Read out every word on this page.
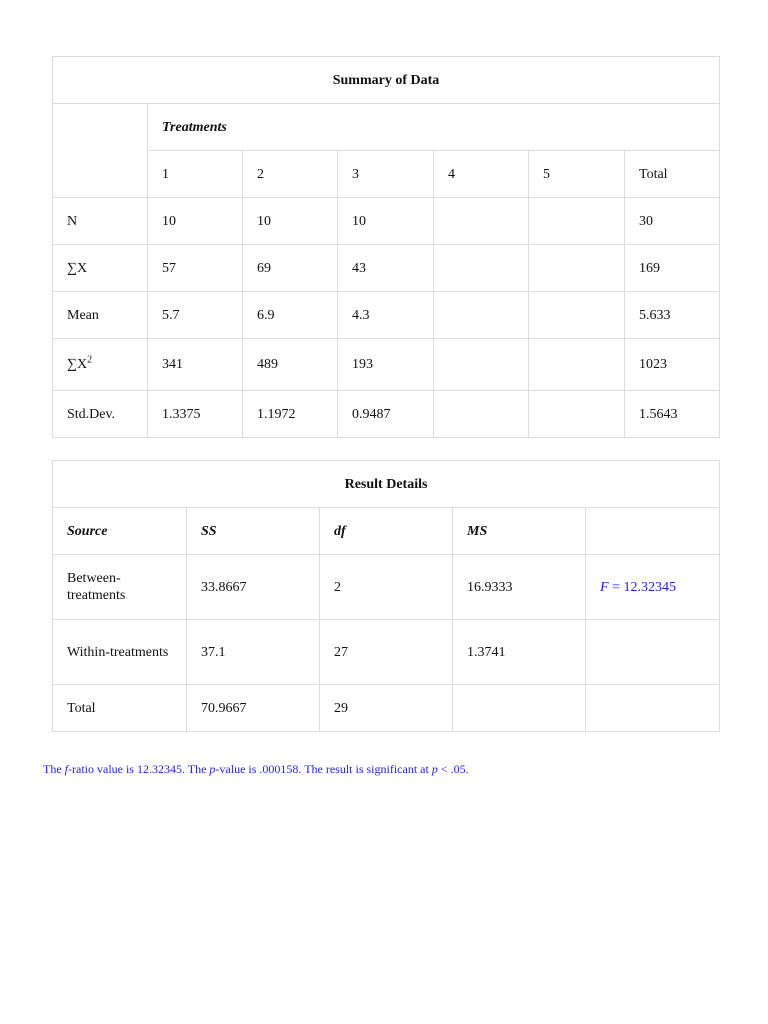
Summary of Data						
	Treatments					
	1	2	3	4	5	Total
N	10	10	10			30
∑X	57	69	43			169
Mean	5.7	6.9	4.3			5.633
$\sum X^2$	341	489	193			1023
Std.Dev.	1.3375	1.1972	0.9487			1.5643
Result Details				
Source	SS	df	MS	
Between-treatments	33.8667	2	16.9333	F = 12.32345
Within-treatments	37.1	27	1.3741	
Total	70.9667	29		
The f-ratio value is 12.32345. The p-value is .000158. The result is significant at p < .05.
